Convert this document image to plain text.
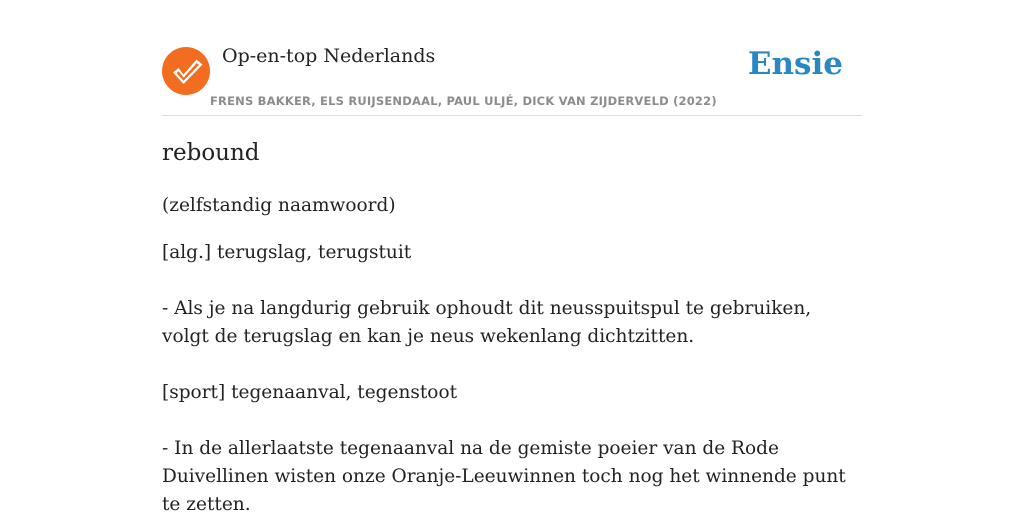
Op-en-top Nederlands
FRENS BAKKER, ELS RUIJSENDAAL, PAUL ULJÉ, DICK VAN ZIJDERVELD (2022)
Ensie
rebound
(zelfstandig naamwoord)
[alg.] terugslag, terugstuit
- Als je na langdurig gebruik ophoudt dit neusspuitspul te gebruiken, volgt de terugslag en kan je neus wekenlang dichtzitten.
[sport] tegenaanval, tegenstoot
- In de allerlaatste tegenaanval na de gemiste poeier van de Rode Duivellinen wisten onze Oranje-Leeuwinnen toch nog het winnende punt te zetten.
